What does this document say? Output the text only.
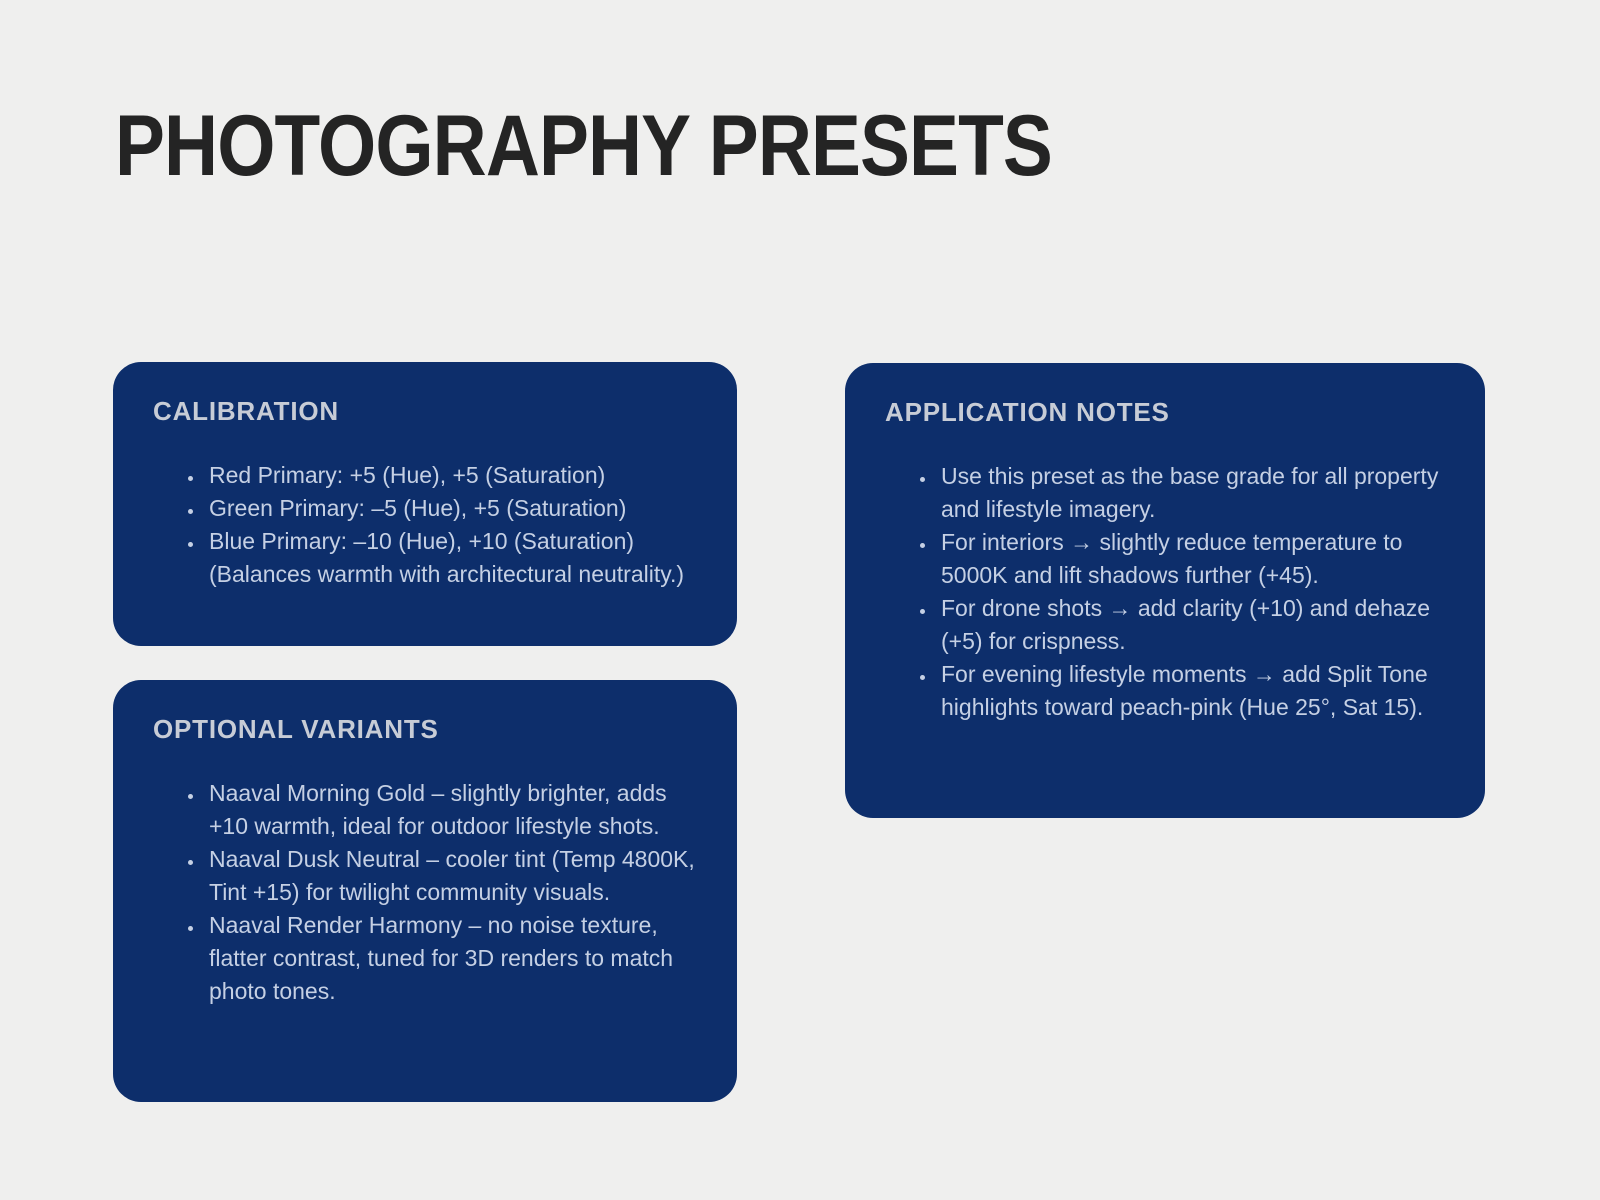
PHOTOGRAPHY PRESETS
CALIBRATION
• Red Primary: +5 (Hue), +5 (Saturation)
• Green Primary: –5 (Hue), +5 (Saturation)
• Blue Primary: –10 (Hue), +10 (Saturation) (Balances warmth with architectural neutrality.)
OPTIONAL VARIANTS
• Naaval Morning Gold – slightly brighter, adds +10 warmth, ideal for outdoor lifestyle shots.
• Naaval Dusk Neutral – cooler tint (Temp 4800K, Tint +15) for twilight community visuals.
• Naaval Render Harmony – no noise texture, flatter contrast, tuned for 3D renders to match photo tones.
APPLICATION NOTES
• Use this preset as the base grade for all property and lifestyle imagery.
• For interiors → slightly reduce temperature to 5000K and lift shadows further (+45).
• For drone shots → add clarity (+10) and dehaze (+5) for crispness.
• For evening lifestyle moments → add Split Tone highlights toward peach-pink (Hue 25°, Sat 15).
